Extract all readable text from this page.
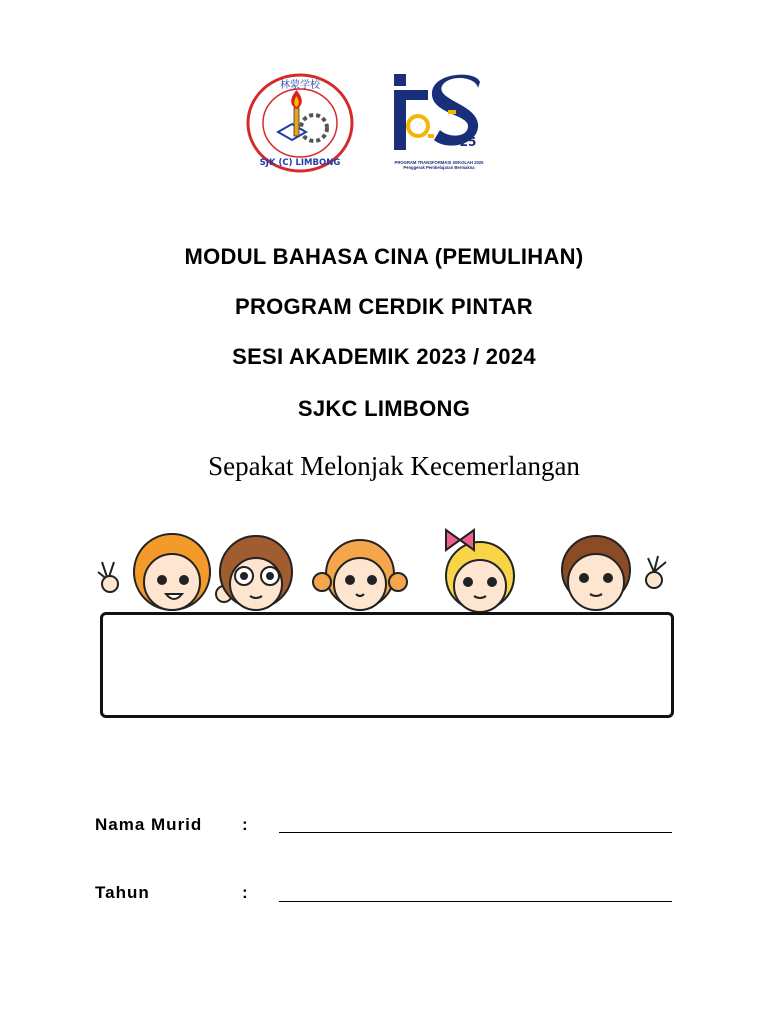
林蒙学校
SJK (C) LIMBONG
25
PROGRAM TRANSFORMASI SEKOLAH 2025
Penggerak Pembelajaran Bermakna
MODUL BAHASA CINA (PEMULIHAN)
PROGRAM CERDIK PINTAR
SESI AKADEMIK 2023 / 2024
SJKC LIMBONG
Sepakat Melonjak Kecemerlangan
Nama Murid :
Tahun	:
